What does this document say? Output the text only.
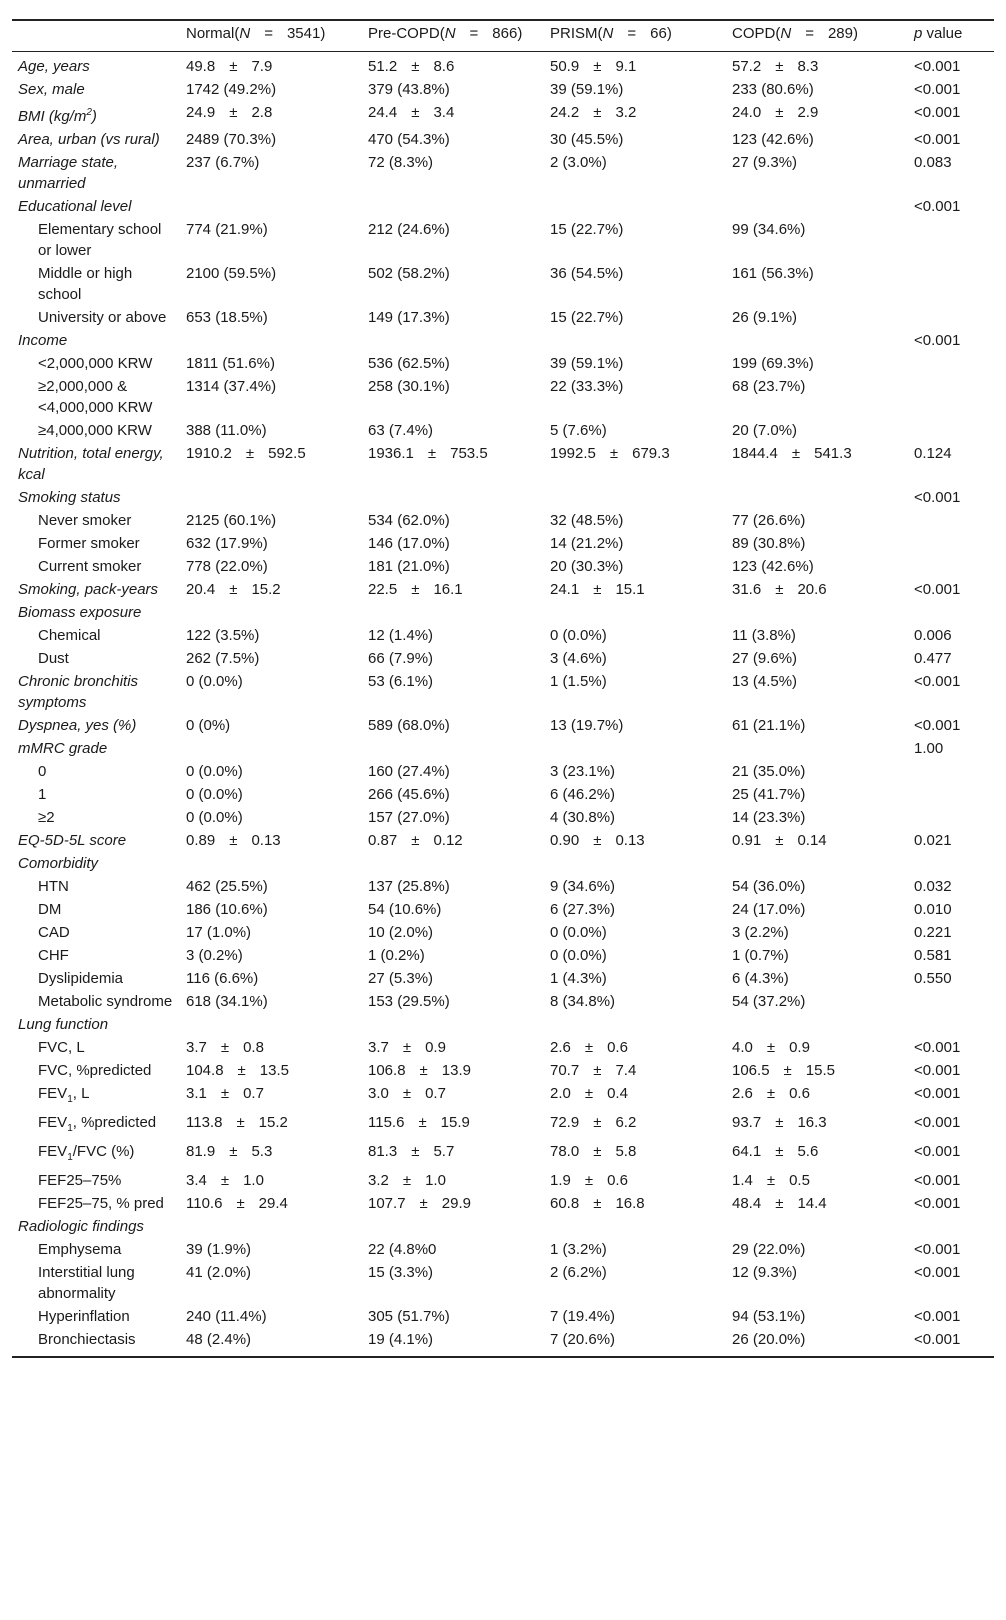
	Normal(N = 3541)	Pre-COPD(N = 866)	PRISM(N = 66)	COPD(N = 289)	p value
Age, years	49.8 ± 7.9	51.2 ± 8.6	50.9 ± 9.1	57.2 ± 8.3	<0.001
Sex, male	1742 (49.2%)	379 (43.8%)	39 (59.1%)	233 (80.6%)	<0.001
BMI $(kg/m^2)$	24.9 ± 2.8	24.4 ± 3.4	24.2 ± 3.2	24.0 ± 2.9	<0.001
Area, urban (vs rural)	2489 (70.3%)	470 (54.3%)	30 (45.5%)	123 (42.6%)	<0.001
Marriage state, unmarried	237 (6.7%)	72 (8.3%)	2 (3.0%)	27 (9.3%)	0.083
Educational level					<0.001
Elementary school or lower	774 (21.9%)	212 (24.6%)	15 (22.7%)	99 (34.6%)	
Middle or high school	2100 (59.5%)	502 (58.2%)	36 (54.5%)	161 (56.3%)	
University or above	653 (18.5%)	149 (17.3%)	15 (22.7%)	26 (9.1%)	
Income					<0.001
<2,000,000 KRW	1811 (51.6%)	536 (62.5%)	39 (59.1%)	199 (69.3%)	
≥2,000,000 & <4,000,000 KRW	1314 (37.4%)	258 (30.1%)	22 (33.3%)	68 (23.7%)	
≥4,000,000 KRW	388 (11.0%)	63 (7.4%)	5 (7.6%)	20 (7.0%)	
Nutrition, total energy, kcal	1910.2 ± 592.5	1936.1 ± 753.5	1992.5 ± 679.3	1844.4 ± 541.3	0.124
Smoking status					<0.001
Never smoker	2125 (60.1%)	534 (62.0%)	32 (48.5%)	77 (26.6%)	
Former smoker	632 (17.9%)	146 (17.0%)	14 (21.2%)	89 (30.8%)	
Current smoker	778 (22.0%)	181 (21.0%)	20 (30.3%)	123 (42.6%)	
Smoking, pack-years	20.4 ± 15.2	22.5 ± 16.1	24.1 ± 15.1	31.6 ± 20.6	<0.001
Biomass exposure					
Chemical	122 (3.5%)	12 (1.4%)	0 (0.0%)	11 (3.8%)	0.006
Dust	262 (7.5%)	66 (7.9%)	3 (4.6%)	27 (9.6%)	0.477
Chronic bronchitis symptoms	0 (0.0%)	53 (6.1%)	1 (1.5%)	13 (4.5%)	<0.001
Dyspnea, yes (%)	0 (0%)	589 (68.0%)	13 (19.7%)	61 (21.1%)	<0.001
mMRC grade					1.00
0	0 (0.0%)	160 (27.4%)	3 (23.1%)	21 (35.0%)	
1	0 (0.0%)	266 (45.6%)	6 (46.2%)	25 (41.7%)	
≥2	0 (0.0%)	157 (27.0%)	4 (30.8%)	14 (23.3%)	
EQ-5D-5L score	0.89 ± 0.13	0.87 ± 0.12	0.90 ± 0.13	0.91 ± 0.14	0.021
Comorbidity					
HTN	462 (25.5%)	137 (25.8%)	9 (34.6%)	54 (36.0%)	0.032
DM	186 (10.6%)	54 (10.6%)	6 (27.3%)	24 (17.0%)	0.010
CAD	17 (1.0%)	10 (2.0%)	0 (0.0%)	3 (2.2%)	0.221
CHF	3 (0.2%)	1 (0.2%)	0 (0.0%)	1 (0.7%)	0.581
Dyslipidemia	116 (6.6%)	27 (5.3%)	1 (4.3%)	6 (4.3%)	0.550
Metabolic syndrome	618 (34.1%)	153 (29.5%)	8 (34.8%)	54 (37.2%)	
Lung function					
FVC, L	3.7 ± 0.8	3.7 ± 0.9	2.6 ± 0.6	4.0 ± 0.9	<0.001
FVC, %predicted	104.8 ± 13.5	106.8 ± 13.9	70.7 ± 7.4	106.5 ± 15.5	<0.001
$FEV_1$, L	3.1 ± 0.7	3.0 ± 0.7	2.0 ± 0.4	2.6 ± 0.6	<0.001
$FEV_1$, %predicted	113.8 ± 15.2	115.6 ± 15.9	72.9 ± 6.2	93.7 ± 16.3	<0.001
$FEV_1$/FVC (%)	81.9 ± 5.3	81.3 ± 5.7	78.0 ± 5.8	64.1 ± 5.6	<0.001
FEF25–75%	3.4 ± 1.0	3.2 ± 1.0	1.9 ± 0.6	1.4 ± 0.5	<0.001
FEF25–75, % pred	110.6 ± 29.4	107.7 ± 29.9	60.8 ± 16.8	48.4 ± 14.4	<0.001
Radiologic findings					
Emphysema	39 (1.9%)	22 (4.8%0	1 (3.2%)	29 (22.0%)	<0.001
Interstitial lung abnormality	41 (2.0%)	15 (3.3%)	2 (6.2%)	12 (9.3%)	<0.001
Hyperinflation	240 (11.4%)	305 (51.7%)	7 (19.4%)	94 (53.1%)	<0.001
Bronchiectasis	48 (2.4%)	19 (4.1%)	7 (20.6%)	26 (20.0%)	<0.001
